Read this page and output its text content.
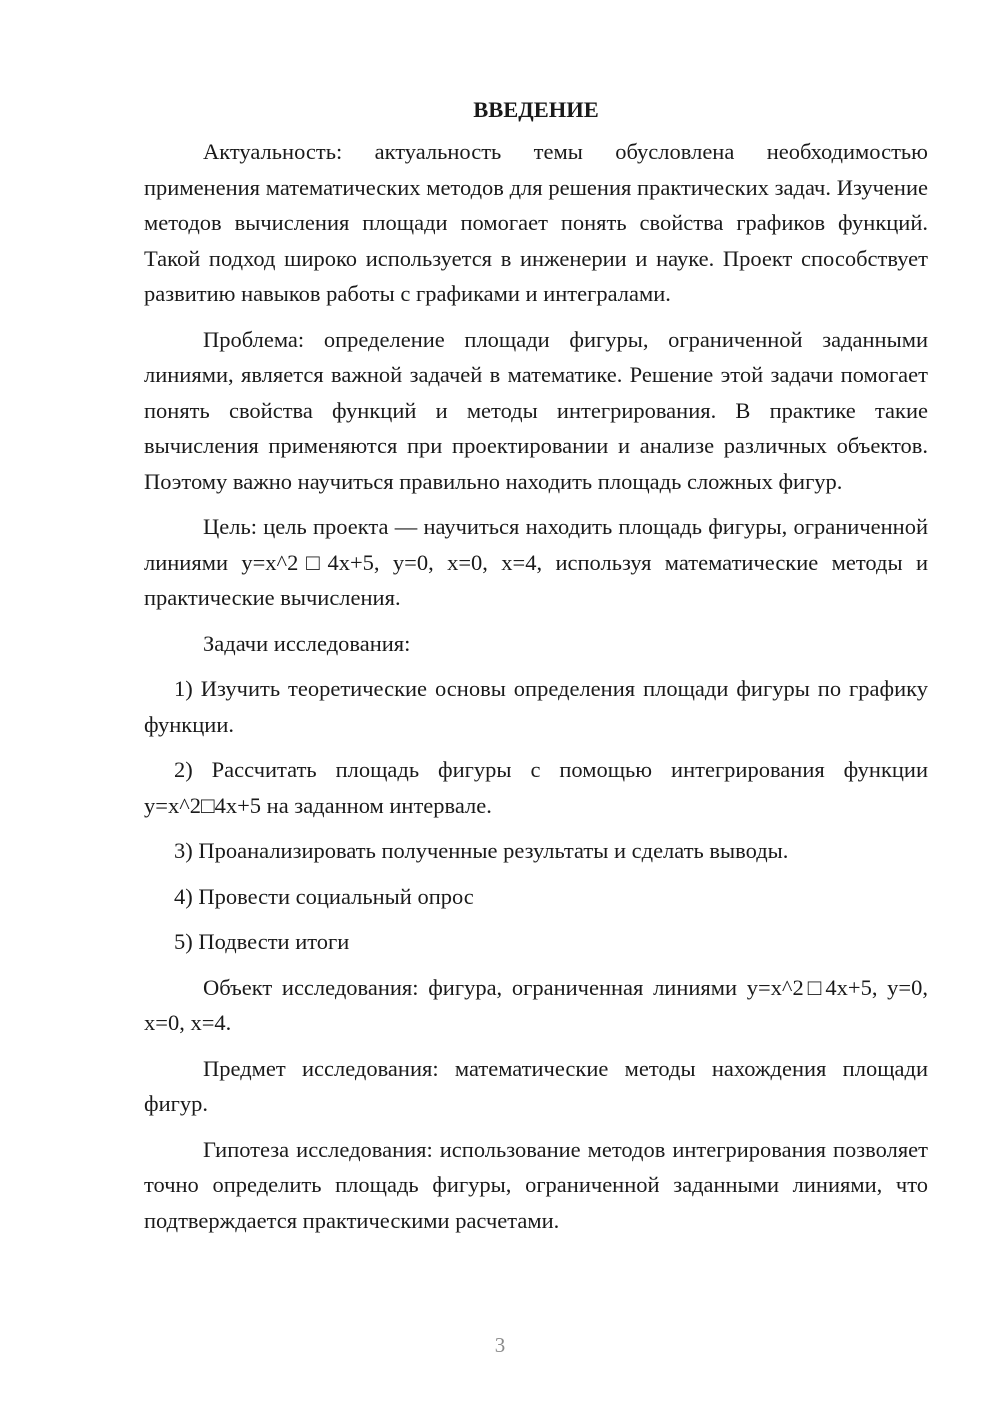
ВВЕДЕНИЕ

Актуальность: актуальность темы обусловлена необходимостью применения математических методов для решения практических задач. Изучение методов вычисления площади помогает понять свойства графиков функций. Такой подход широко используется в инженерии и науке. Проект способствует развитию навыков работы с графиками и интегралами.

Проблема: определение площади фигуры, ограниченной заданными линиями, является важной задачей в математике. Решение этой задачи помогает понять свойства функций и методы интегрирования. В практике такие вычисления применяются при проектировании и анализе различных объектов. Поэтому важно научиться правильно находить площадь сложных фигур.

Цель: цель проекта — научиться находить площадь фигуры, ограниченной линиями y=x^2□4x+5, y=0, x=0, x=4, используя математические методы и практические вычисления.

Задачи исследования:

1) Изучить теоретические основы определения площади фигуры по графику функции.

2) Рассчитать площадь фигуры с помощью интегрирования функции y=x^2□4x+5 на заданном интервале.

3) Проанализировать полученные результаты и сделать выводы.

4) Провести социальный опрос

5) Подвести итоги

Объект исследования: фигура, ограниченная линиями y=x^2□4x+5, y=0, x=0, x=4.

Предмет исследования: математические методы нахождения площади фигур.

Гипотеза исследования: использование методов интегрирования позволяет точно определить площадь фигуры, ограниченной заданными линиями, что подтверждается практическими расчетами.

3
